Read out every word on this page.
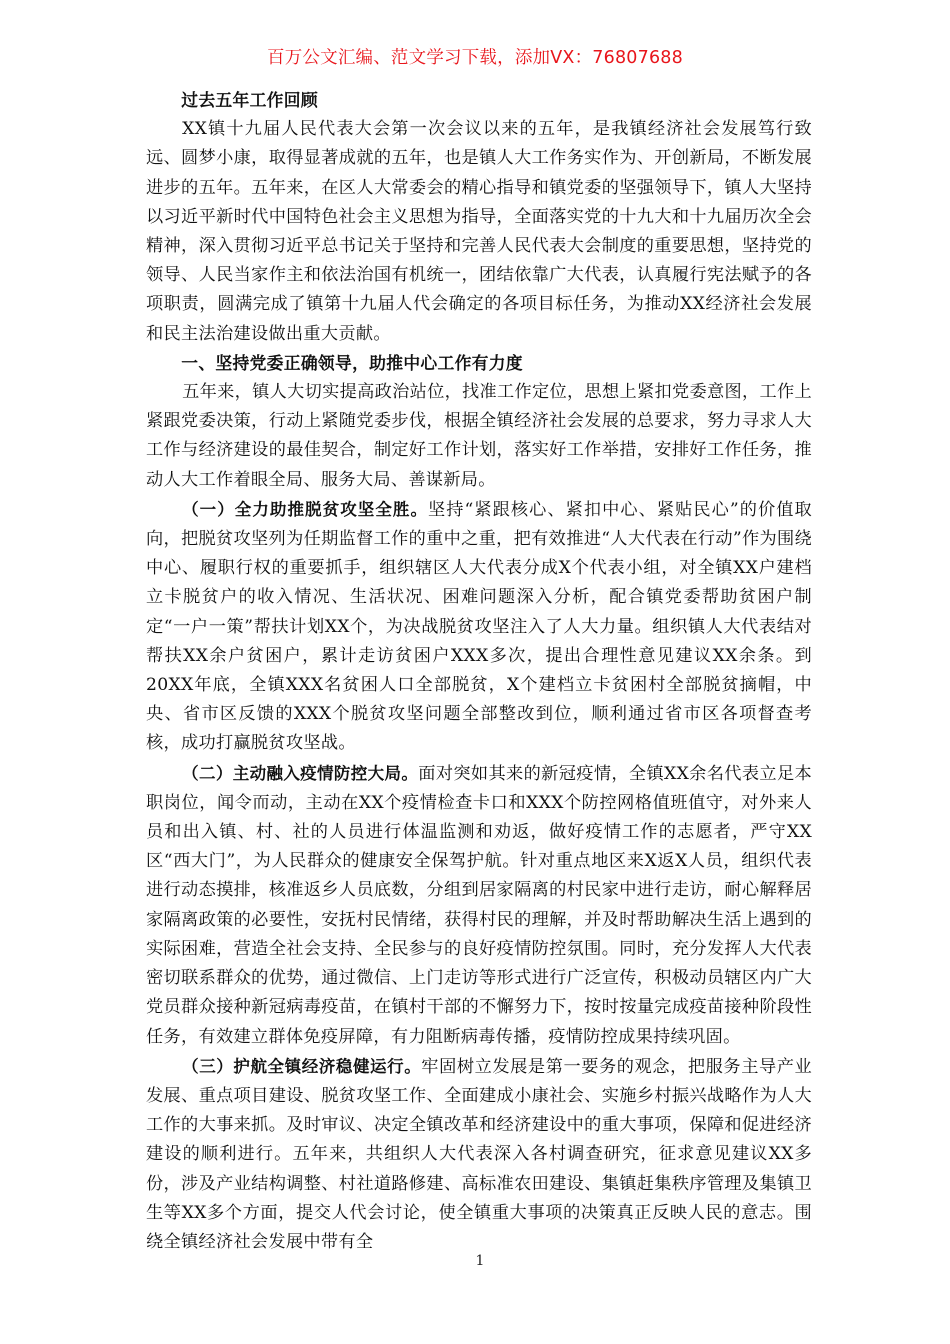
百万公文汇编、范文学习下载，添加VX：76807688

过去五年工作回顾

XX镇十九届人民代表大会第一次会议以来的五年，是我镇经济社会发展笃行致远、圆梦小康，取得显著成就的五年，也是镇人大工作务实作为、开创新局，不断发展进步的五年。五年来，在区人大常委会的精心指导和镇党委的坚强领导下，镇人大坚持以习近平新时代中国特色社会主义思想为指导，全面落实党的十九大和十九届历次全会精神，深入贯彻习近平总书记关于坚持和完善人民代表大会制度的重要思想，坚持党的领导、人民当家作主和依法治国有机统一，团结依靠广大代表，认真履行宪法赋予的各项职责，圆满完成了镇第十九届人代会确定的各项目标任务，为推动XX经济社会发展和民主法治建设做出重大贡献。

一、坚持党委正确领导，助推中心工作有力度

五年来，镇人大切实提高政治站位，找准工作定位，思想上紧扣党委意图，工作上紧跟党委决策，行动上紧随党委步伐，根据全镇经济社会发展的总要求，努力寻求人大工作与经济建设的最佳契合，制定好工作计划，落实好工作举措，安排好工作任务，推动人大工作着眼全局、服务大局、善谋新局。

（一）全力助推脱贫攻坚全胜。坚持“紧跟核心、紧扣中心、紧贴民心”的价值取向，把脱贫攻坚列为任期监督工作的重中之重，把有效推进“人大代表在行动”作为围绕中心、履职行权的重要抓手，组织辖区人大代表分成X个代表小组，对全镇XX户建档立卡脱贫户的收入情况、生活状况、困难问题深入分析，配合镇党委帮助贫困户制定“一户一策”帮扶计划XX个，为决战脱贫攻坚注入了人大力量。组织镇人大代表结对帮扶XX余户贫困户，累计走访贫困户XXX多次，提出合理性意见建议XX余条。到20XX年底，全镇XXX名贫困人口全部脱贫，X个建档立卡贫困村全部脱贫摘帽，中央、省市区反馈的XXX个脱贫攻坚问题全部整改到位，顺利通过省市区各项督查考核，成功打赢脱贫攻坚战。

（二）主动融入疫情防控大局。面对突如其来的新冠疫情，全镇XX余名代表立足本职岗位，闻令而动，主动在XX个疫情检查卡口和XXX个防控网格值班值守，对外来人员和出入镇、村、社的人员进行体温监测和劝返，做好疫情工作的志愿者，严守XX区“西大门”，为人民群众的健康安全保驾护航。针对重点地区来X返X人员，组织代表进行动态摸排，核准返乡人员底数，分组到居家隔离的村民家中进行走访，耐心解释居家隔离政策的必要性，安抚村民情绪，获得村民的理解，并及时帮助解决生活上遇到的实际困难，营造全社会支持、全民参与的良好疫情防控氛围。同时，充分发挥人大代表密切联系群众的优势，通过微信、上门走访等形式进行广泛宣传，积极动员辖区内广大党员群众接种新冠病毒疫苗，在镇村干部的不懈努力下，按时按量完成疫苗接种阶段性任务，有效建立群体免疫屏障，有力阻断病毒传播，疫情防控成果持续巩固。

（三）护航全镇经济稳健运行。牢固树立发展是第一要务的观念，把服务主导产业发展、重点项目建设、脱贫攻坚工作、全面建成小康社会、实施乡村振兴战略作为人大工作的大事来抓。及时审议、决定全镇改革和经济建设中的重大事项，保障和促进经济建设的顺利进行。五年来，共组织人大代表深入各村调查研究，征求意见建议XX多份，涉及产业结构调整、村社道路修建、高标准农田建设、集镇赶集秩序管理及集镇卫生等XX多个方面，提交人代会讨论，使全镇重大事项的决策真正反映人民的意志。围绕全镇经济社会发展中带有全

1
